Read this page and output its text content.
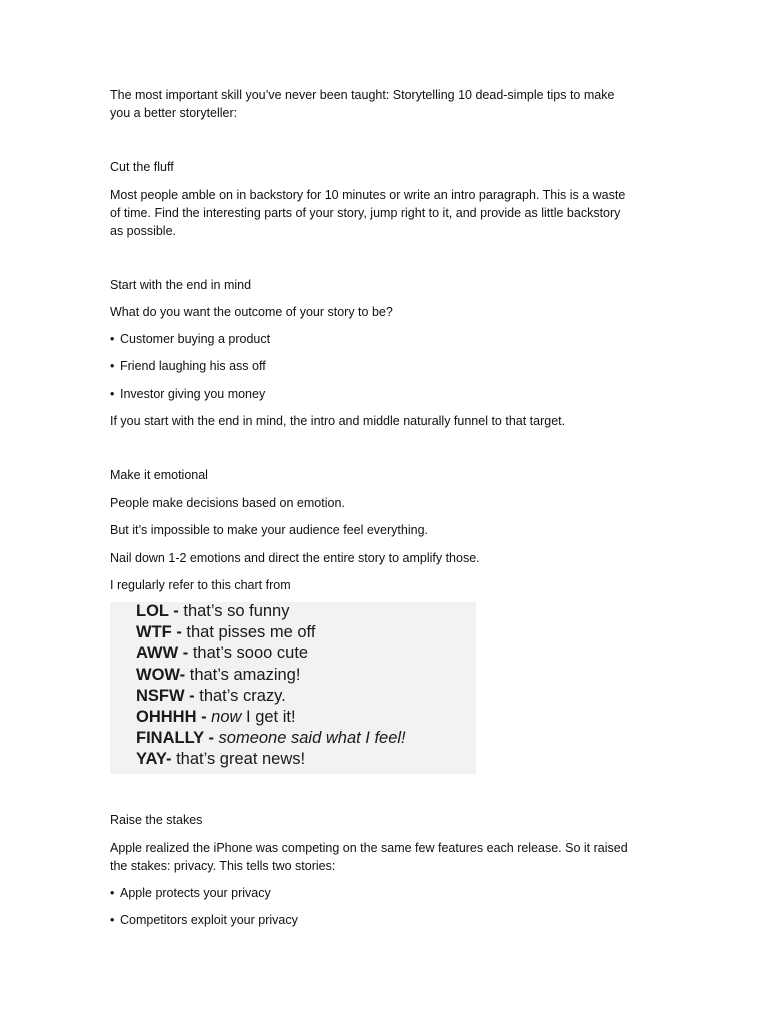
The most important skill you’ve never been taught: Storytelling 10 dead-simple tips to make

you a better storyteller:

Cut the fluff

Most people amble on in backstory for 10 minutes or write an intro paragraph. This is a waste

of time. Find the interesting parts of your story, jump right to it, and provide as little backstory

as possible.

Start with the end in mind

What do you want the outcome of your story to be?

• Customer buying a product

• Friend laughing his ass off

• Investor giving you money

If you start with the end in mind, the intro and middle naturally funnel to that target.

Make it emotional

People make decisions based on emotion.

But it’s impossible to make your audience feel everything.

Nail down 1-2 emotions and direct the entire story to amplify those.

I regularly refer to this chart from

LOL - that’s so funny
WTF - that pisses me off
AWW - that’s sooo cute
WOW- that’s amazing!
NSFW - that’s crazy.
OHHHH - now I get it!
FINALLY - someone said what I feel!
YAY- that’s great news!

Raise the stakes

Apple realized the iPhone was competing on the same few features each release. So it raised

the stakes: privacy. This tells two stories:

• Apple protects your privacy

• Competitors exploit your privacy
